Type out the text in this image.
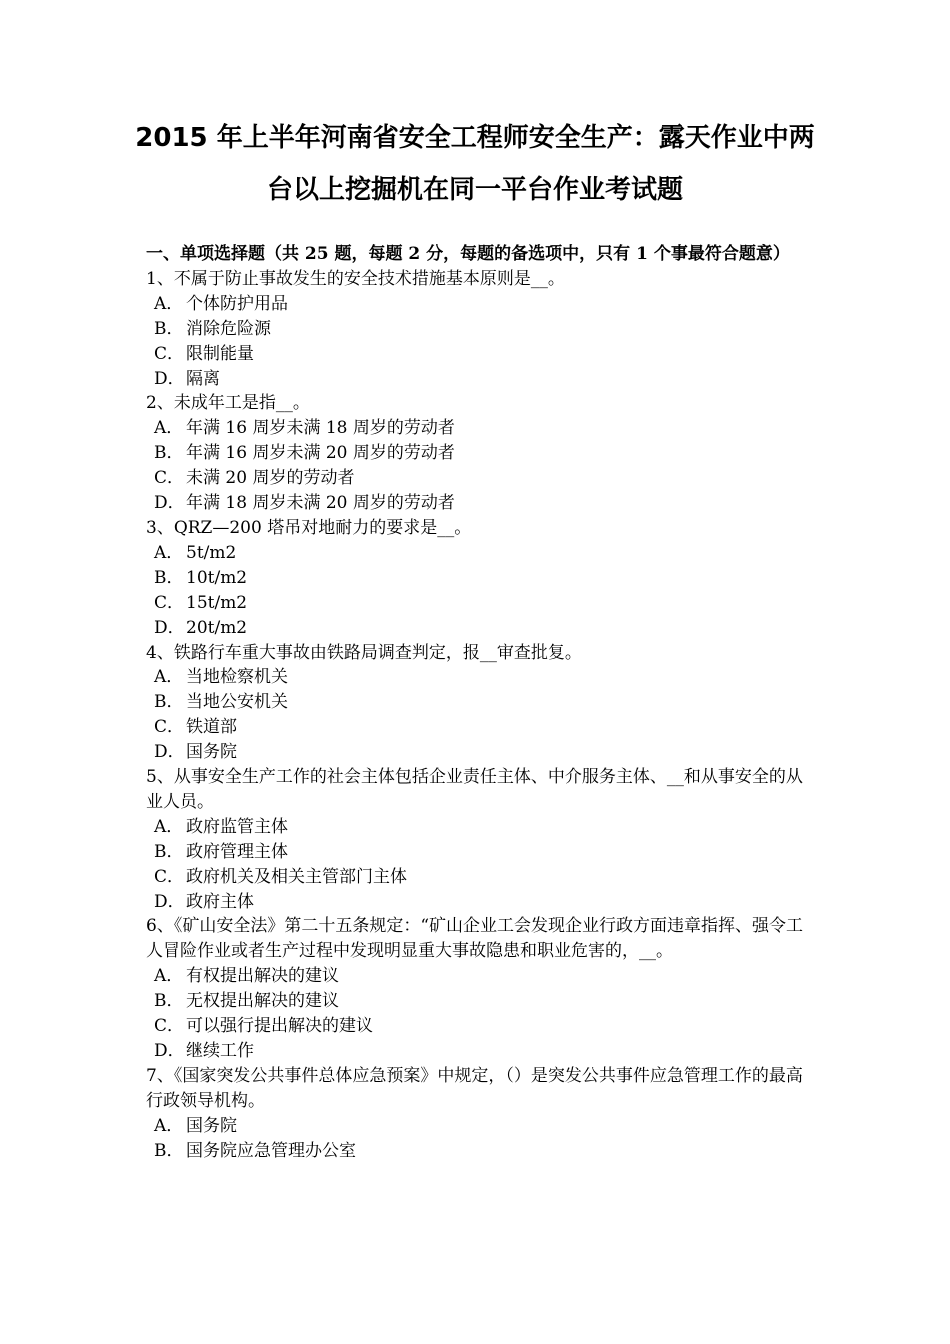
2015 年上半年河南省安全工程师安全生产：露天作业中两
台以上挖掘机在同一平台作业考试题

一、单项选择题（共 25 题，每题 2 分，每题的备选项中，只有 1 个事最符合题意）

1、不属于防止事故发生的安全技术措施基本原则是__。

A． 个体防护用品

B． 消除危险源

C． 限制能量

D．隔离

2、未成年工是指__。

A． 年满 16 周岁未满 18 周岁的劳动者

B． 年满 16 周岁未满 20 周岁的劳动者

C． 未满 20 周岁的劳动者

D．年满 18 周岁未满 20 周岁的劳动者

3、QRZ—200 塔吊对地耐力的要求是__。

A． 5t/m2

B． 10t/m2

C． 15t/m2

D．20t/m2

4、铁路行车重大事故由铁路局调查判定，报__审查批复。

A． 当地检察机关

B． 当地公安机关

C． 铁道部

D．国务院

5、从事安全生产工作的社会主体包括企业责任主体、中介服务主体、__和从事安全的从业人员。

A． 政府监管主体

B． 政府管理主体

C． 政府机关及相关主管部门主体

D．政府主体

6、《矿山安全法》第二十五条规定：“矿山企业工会发现企业行政方面违章指挥、强令工人冒险作业或者生产过程中发现明显重大事故隐患和职业危害的，__。

A． 有权提出解决的建议

B． 无权提出解决的建议

C． 可以强行提出解决的建议

D．继续工作

7、《国家突发公共事件总体应急预案》中规定，（）是突发公共事件应急管理工作的最高行政领导机构。

A． 国务院

B． 国务院应急管理办公室
